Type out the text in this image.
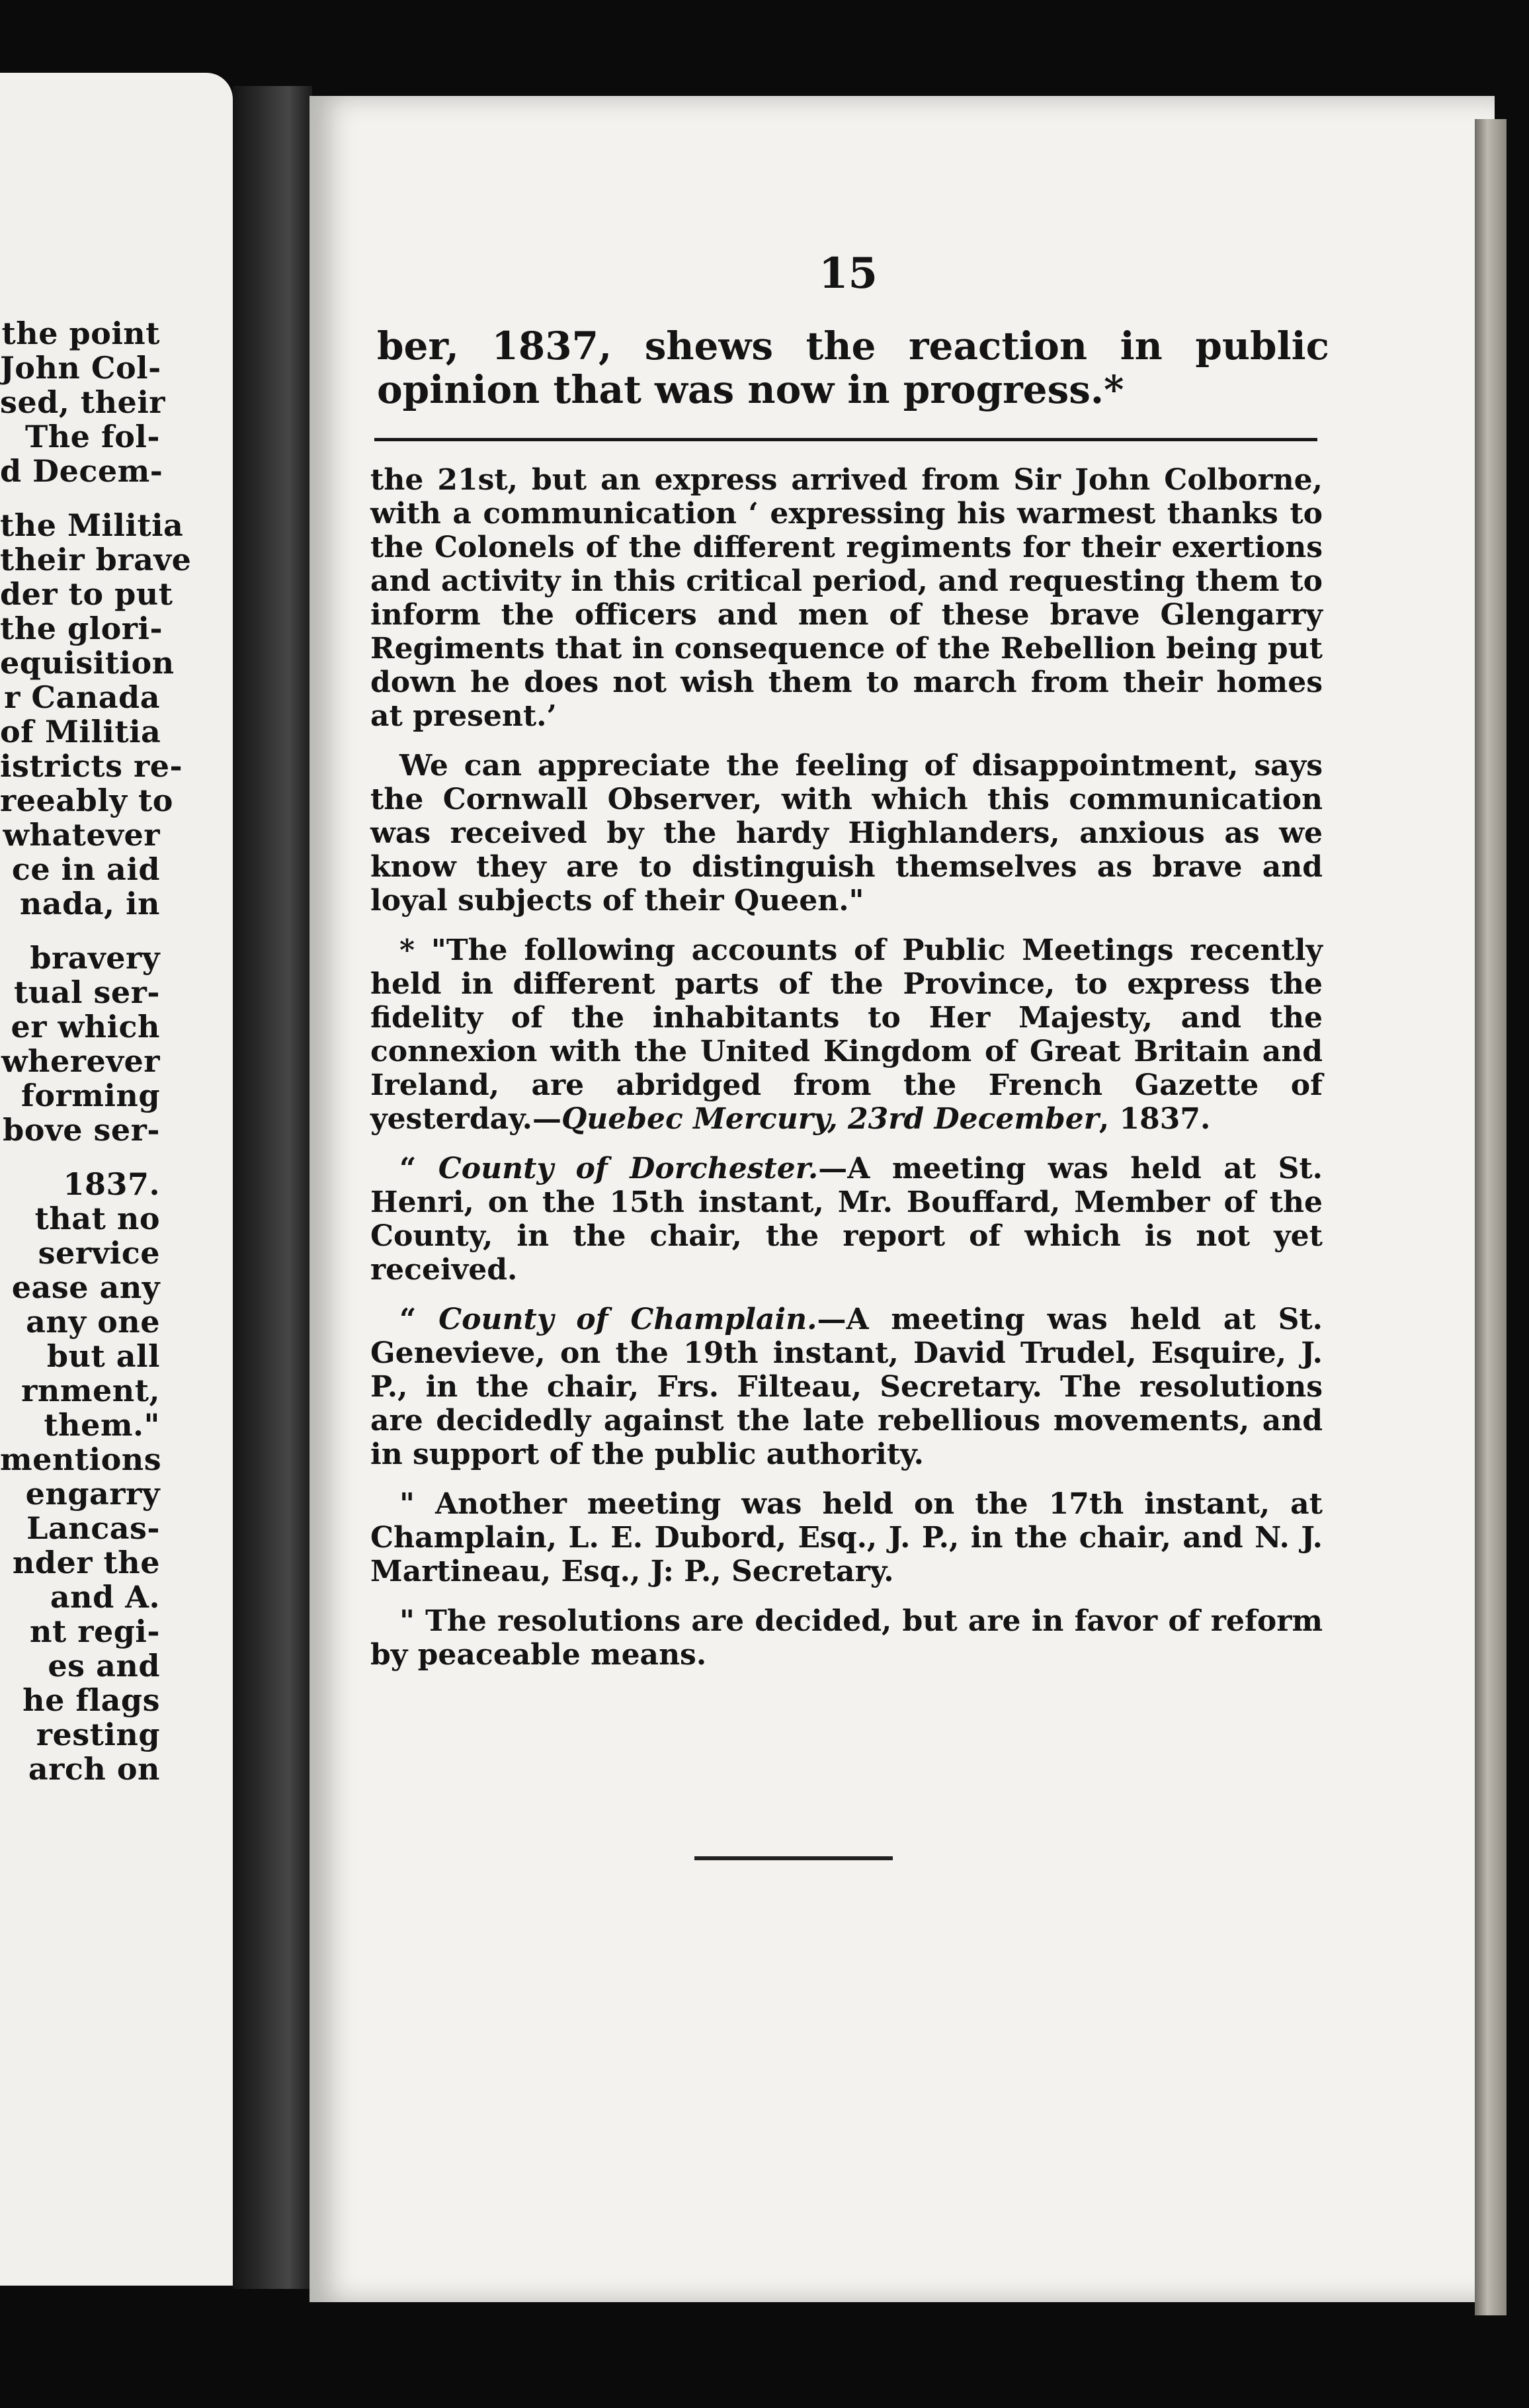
the point
John Col-
sed, their
The fol-
d Decem-
the Militia
their brave
der to put
the glori-
equisition
r Canada
of Militia
istricts re-
reeably to
whatever
ce in aid
nada, in
bravery
tual ser-
er which
wherever
forming
bove ser-
1837.
that no
service
ease any
any one
but all
rnment,
them."
mentions
engarry
Lancas-
nder the
and A.
nt regi-
es and
he flags
resting
arch on
15

ber, 1837, shews the reaction in public opinion that was now in progress.*

the 21st, but an express arrived from Sir John Colborne, with a communication ‘ expressing his warmest thanks to the Colonels of the different regiments for their exertions and activity in this critical period, and requesting them to inform the officers and men of these brave Glengarry Regiments that in consequence of the Rebellion being put down he does not wish them to march from their homes at present.’

We can appreciate the feeling of disappointment, says the Cornwall Observer, with which this communication was received by the hardy Highlanders, anxious as we know they are to distinguish themselves as brave and loyal subjects of their Queen."

* "The following accounts of Public Meetings recently held in different parts of the Province, to express the fidelity of the inhabitants to Her Majesty, and the connexion with the United Kingdom of Great Britain and Ireland, are abridged from the French Gazette of yesterday.—Quebec Mercury, 23rd December, 1837.

“ County of Dorchester.—A meeting was held at St. Henri, on the 15th instant, Mr. Bouffard, Member of the County, in the chair, the report of which is not yet received.

“ County of Champlain.—A meeting was held at St. Genevieve, on the 19th instant, David Trudel, Esquire, J. P., in the chair, Frs. Filteau, Secretary. The resolutions are decidedly against the late rebellious movements, and in support of the public authority.

" Another meeting was held on the 17th instant, at Champlain, L. E. Dubord, Esq., J. P., in the chair, and N. J. Martineau, Esq., J: P., Secretary.

" The resolutions are decided, but are in favor of reform by peaceable means.
